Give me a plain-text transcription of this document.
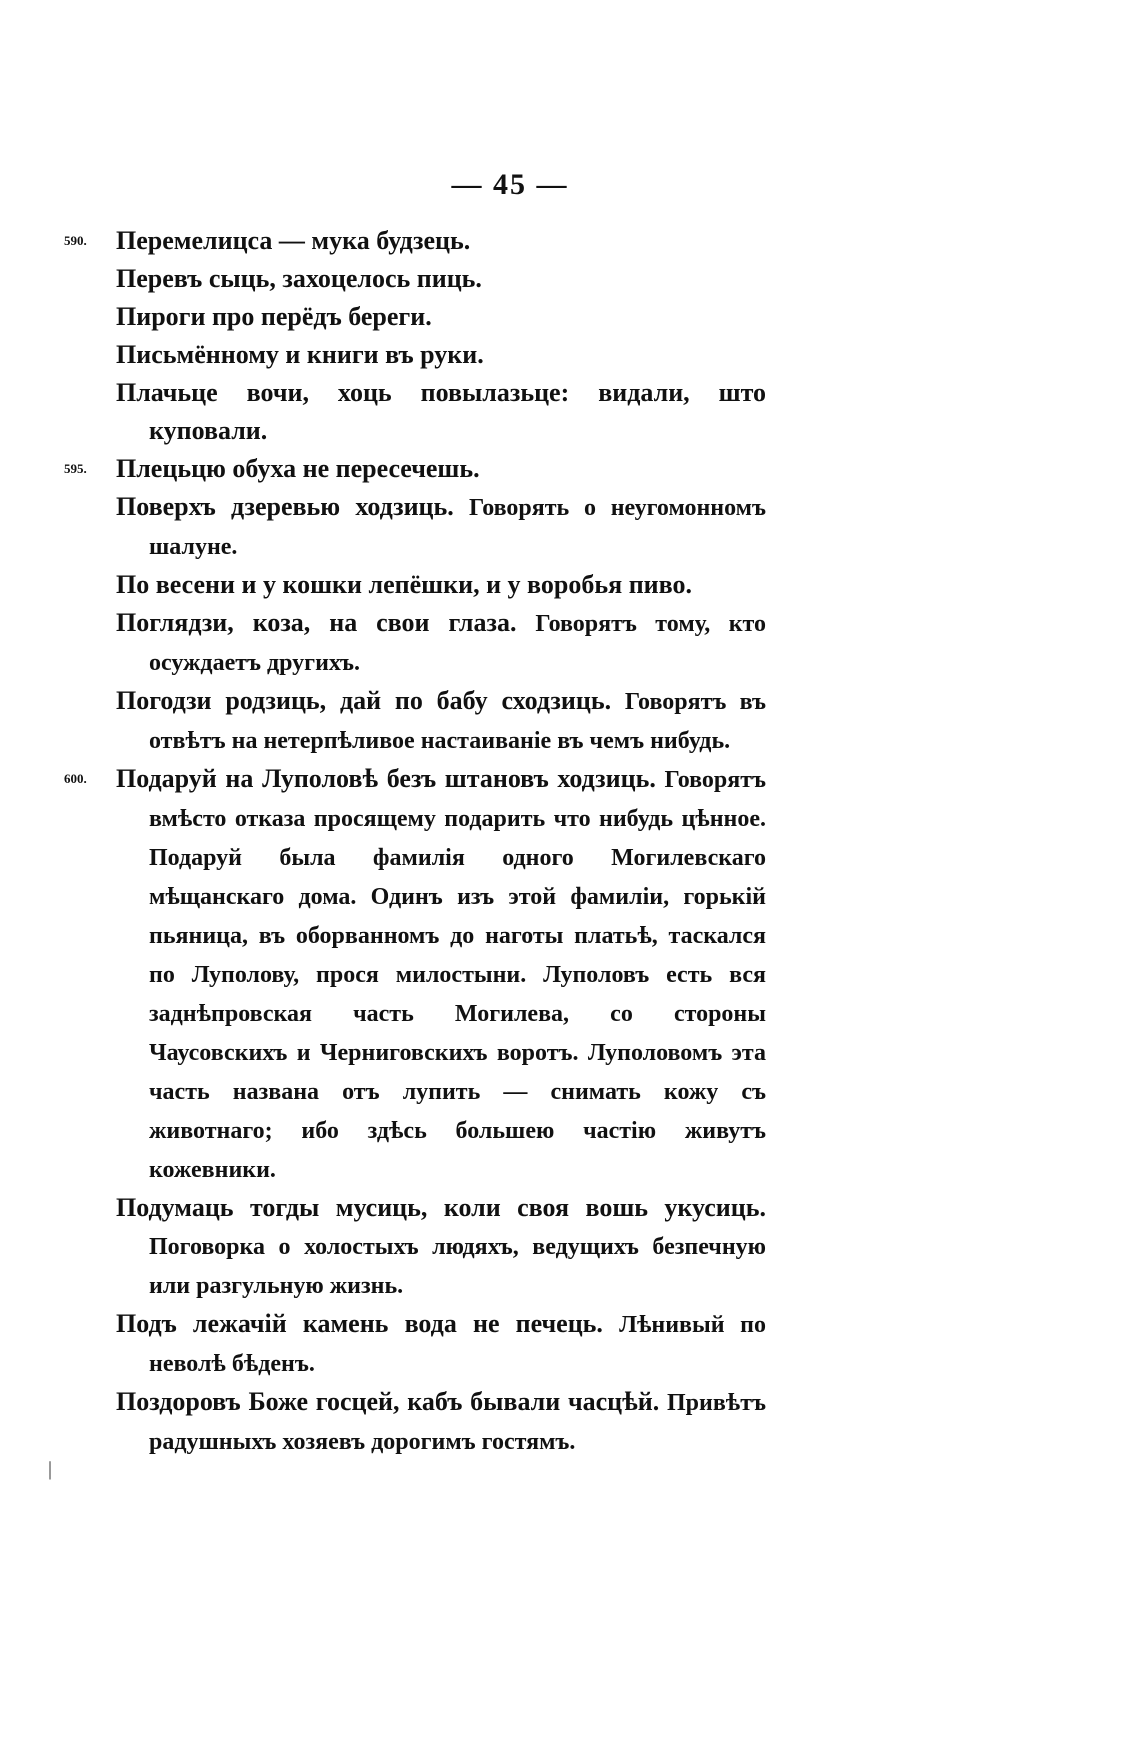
— 45 —
590. Перемелицса — мука будзець.
Перевъ сыць, захоцелось пиць.
Пироги про перёдъ береги.
Письмённому и книги въ руки.
Плачьце вочи, хоць повылазьце: видали, што куповали.
595. Плецьцю обуха не пересечешь.
Поверхъ дзеревью ходзиць. Говорять о неугомонномъ шалуне.
По весени и у кошки лепёшки, и у воробья пиво.
Поглядзи, коза, на свои глаза. Говорятъ тому, кто осуждаетъ другихъ.
Погодзи родзиць, дай по бабу сходзиць. Говорятъ въ отвѣтъ на нетерпѣливое настаиваніе въ чемъ нибудь.
600. Подаруй на Луполовѣ безъ штановъ ходзиць. Говорятъ вмѣсто отказа просящему подарить что нибудь цѣнное. Подаруй была фамилія одного Могилевскаго мѣщанскаго дома. Одинъ изъ этой фамиліи, горькій пьяница, въ оборванномъ до наготы платьѣ, таскался по Луполову, прося милостыни. Луполовъ есть вся заднѣпровская часть Могилева, со стороны Чаусовскихъ и Черниговскихъ воротъ. Луполовомъ эта часть названа отъ лупить — снимать кожу съ животнаго; ибо здѣсь большею частію живутъ кожевники.
Подумаць тогды мусиць, коли своя вошь укусиць. Поговорка о холостыхъ людяхъ, ведущихъ безпечную или разгульную жизнь.
Подъ лежачій камень вода не печець. Лѣнивый по неволѣ бѣденъ.
Поздоровъ Боже госцей, кабъ бывали часцѣй. Привѣтъ радушныхъ хозяевъ дорогимъ гостямъ.
|
